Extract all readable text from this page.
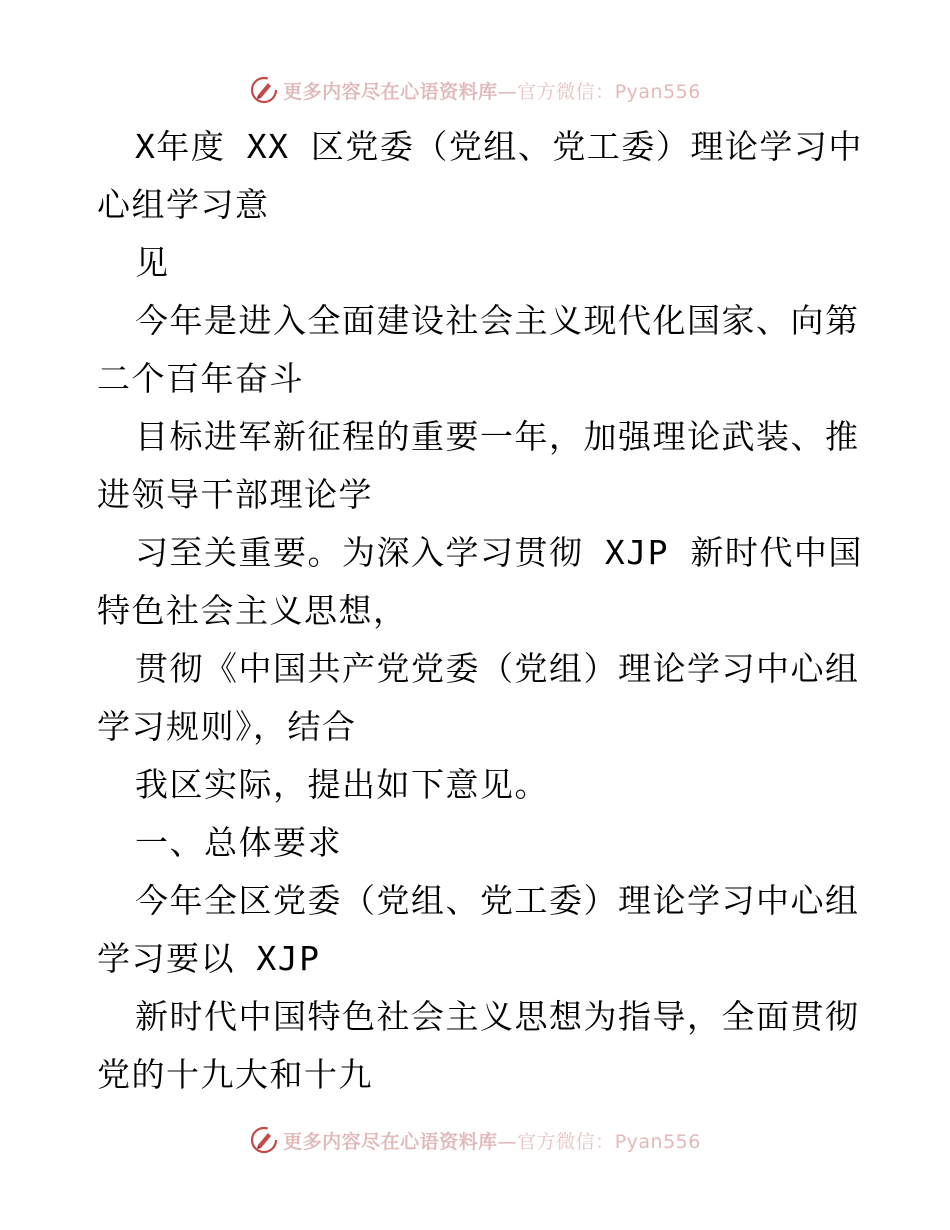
更多内容尽在心语资料库—官方微信：Pyan556
X年度 XX 区党委（党组、党工委）理论学习中
心组学习意
见
今年是进入全面建设社会主义现代化国家、向第
二个百年奋斗
目标进军新征程的重要一年，加强理论武装、推
进领导干部理论学
习至关重要。为深入学习贯彻 XJP 新时代中国
特色社会主义思想，
贯彻《中国共产党党委（党组）理论学习中心组
学习规则》，结合
我区实际，提出如下意见。
一、总体要求
今年全区党委（党组、党工委）理论学习中心组
学习要以 XJP
新时代中国特色社会主义思想为指导，全面贯彻
党的十九大和十九
更多内容尽在心语资料库—官方微信：Pyan556
